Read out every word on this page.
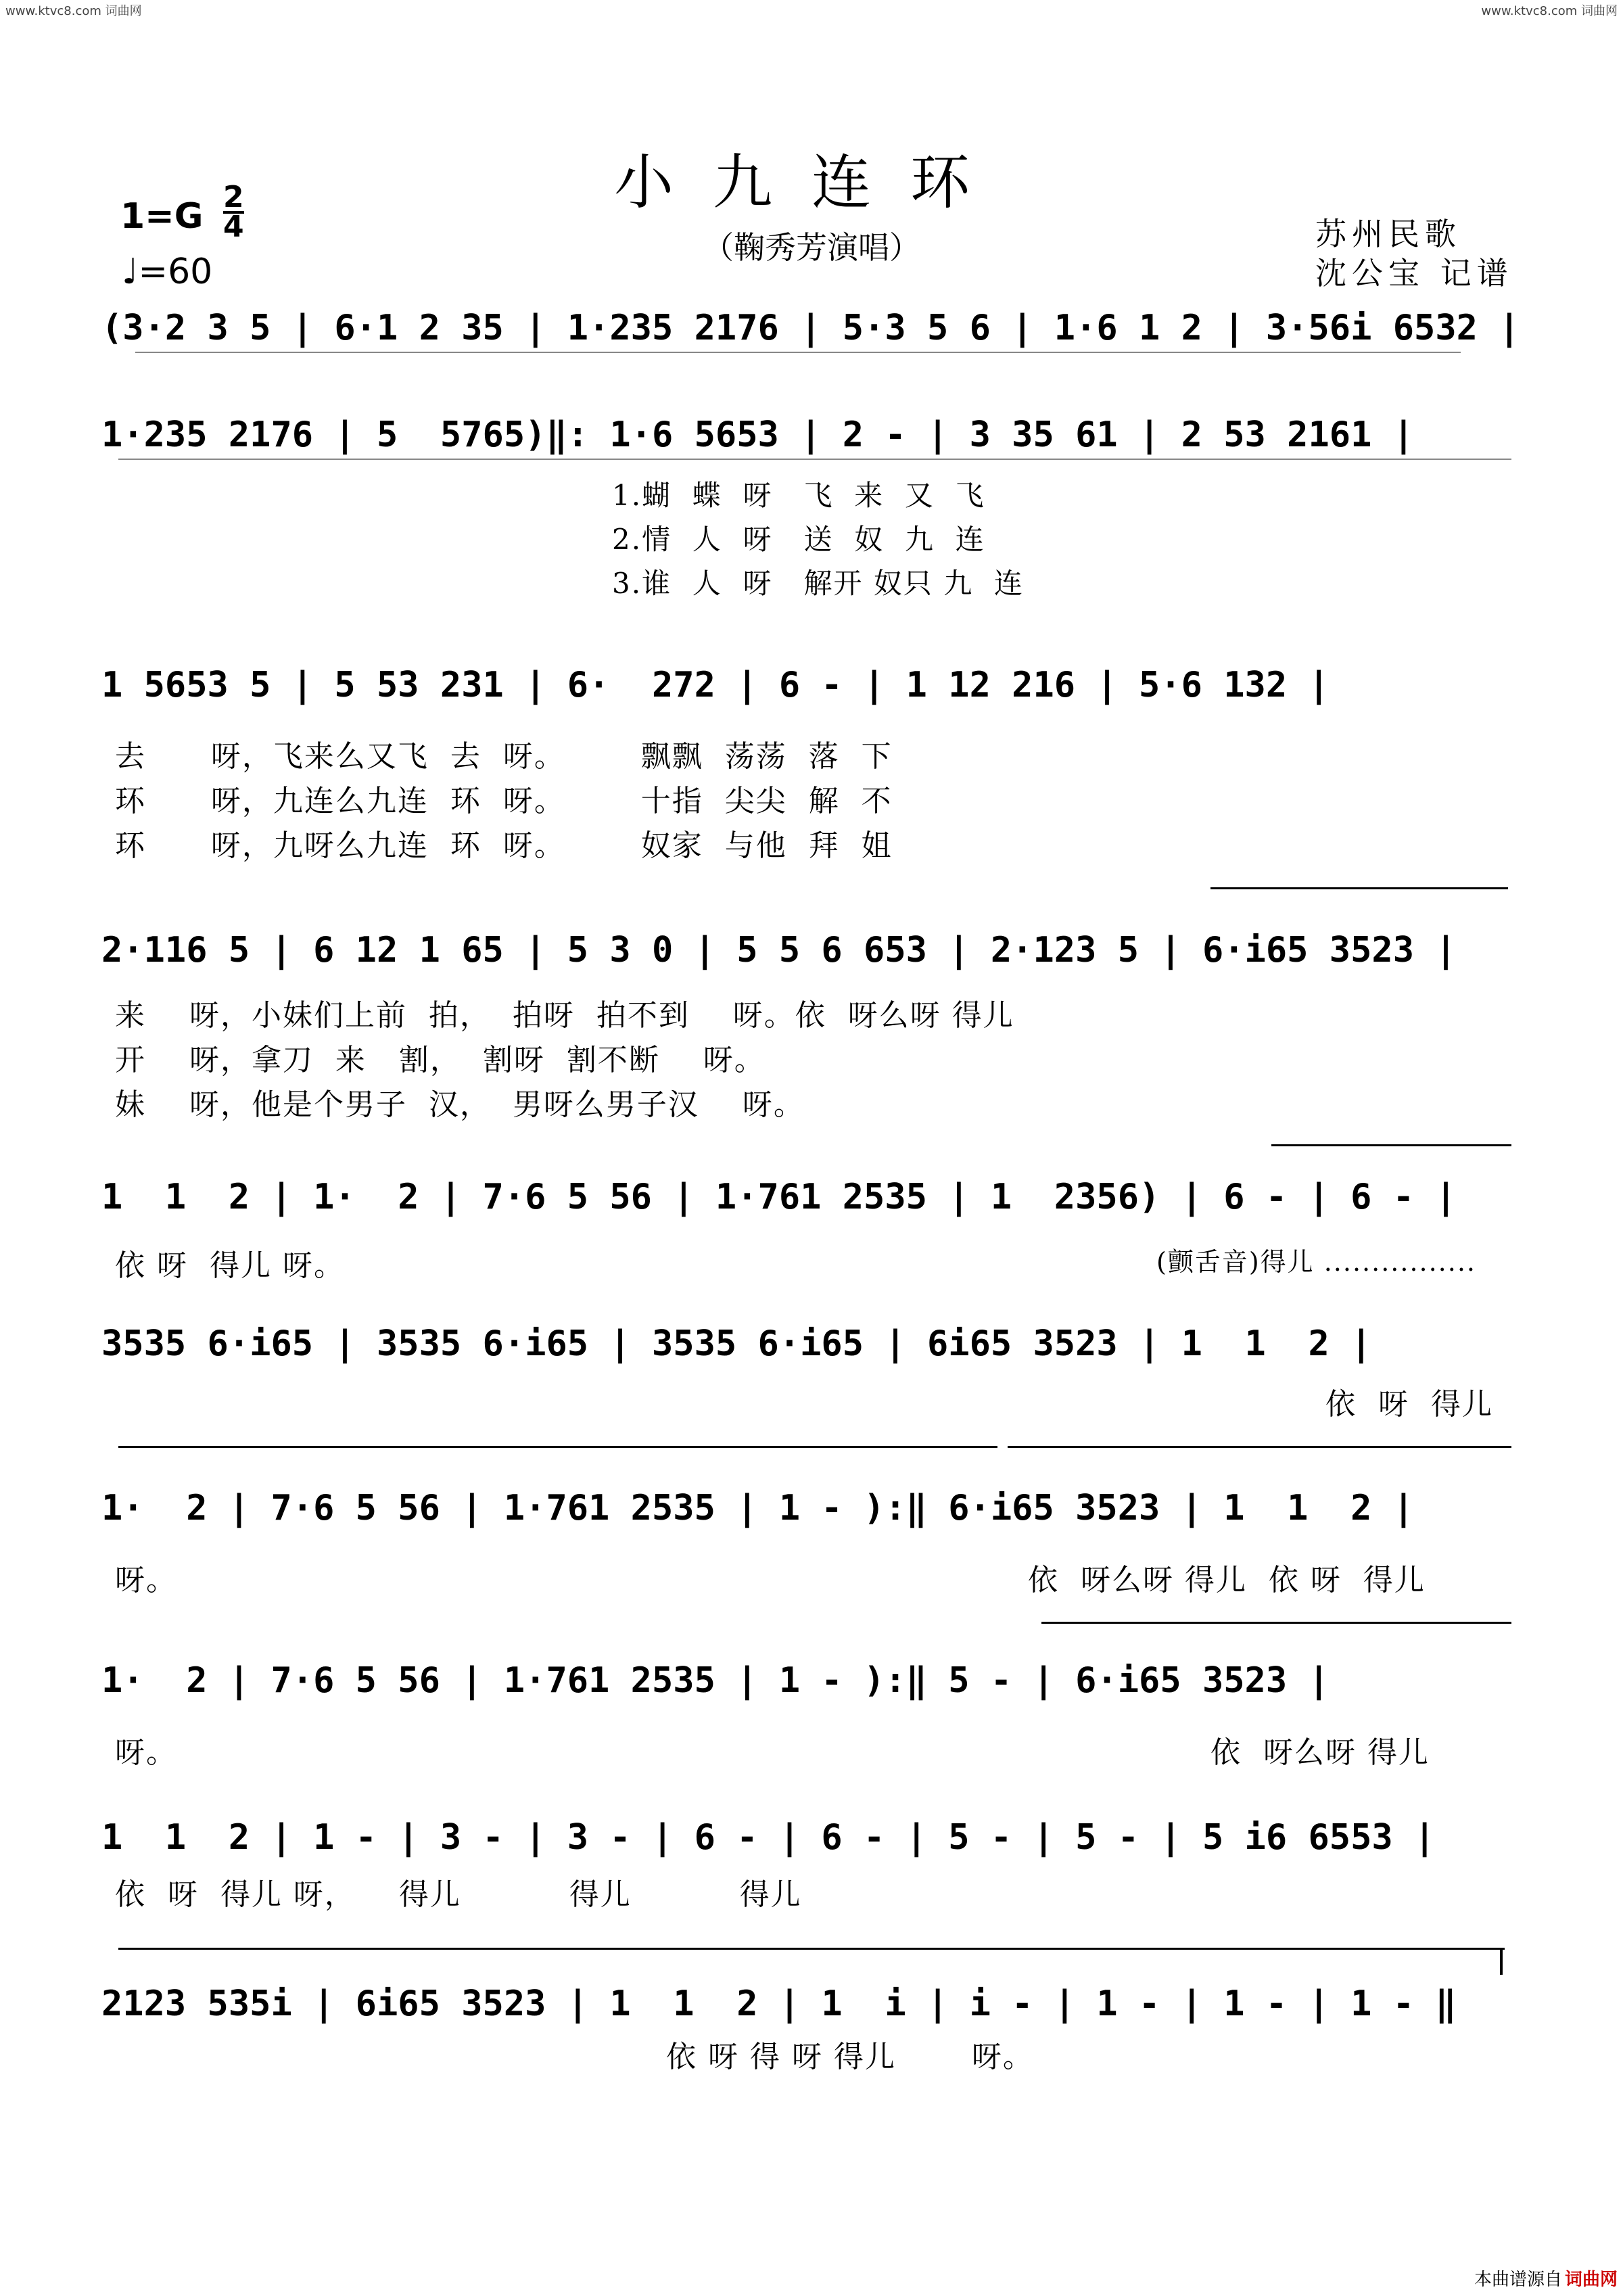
www.ktvc8.com 词曲网	www.ktvc8.com 词曲网
小九连环
（鞠秀芳演唱）
1=G 2
4
♩=60
苏州民歌
沈公宝 记谱
(3·2 3 5 | 6·1 2 35 | 1·235 2176 | 5·3 5 6 | 1·6 1 2 | 3·56i 6532 |
1·235 2176 | 5  5765)‖: 1·6 5653 | 2 - | 3 35 61 | 2 53 2161 |
1 5653 5 | 5 53 231 | 6·  272 | 6 - | 1 12 216 | 5·6 132 |
2·116 5 | 6 12 1 65 | 5 3 0 | 5 5 6 653 | 2·123 5 | 6·i65 3523 |
1  1  2 | 1·  2 | 7·6 5 56 | 1·761 2535 | 1  2356) | 6 - | 6 - |
3535 6·i65 | 3535 6·i65 | 3535 6·i65 | 6i65 3523 | 1  1  2 |
1·  2 | 7·6 5 56 | 1·761 2535 | 1 - ):‖ 6·i65 3523 | 1  1  2 |
1·  2 | 7·6 5 56 | 1·761 2535 | 1 - ):‖ 5 - | 6·i65 3523 |
1  1  2 | 1 - | 3 - | 3 - | 6 - | 6 - | 5 - | 5 - | 5 i6 6553 |
2123 535i | 6i65 3523 | 1  1  2 | 1  i | i - | 1 - | 1 - | 1 - ‖
1.蝴  蝶  呀   飞  来  又  飞
2.情  人  呀   送  奴  九  连
3.谁  人  呀   解开 奴只 九  连
去      呀，飞来么又飞  去  呀。       飘飘  荡荡  落  下
环      呀，九连么九连  环  呀。       十指  尖尖  解  不
环      呀，九呀么九连  环  呀。       奴家  与他  拜  姐
来    呀，小妹们上前  拍，  拍呀  拍不到    呀。依  呀么呀 得儿
开    呀，拿刀  来   割，  割呀  割不断    呀。
妹    呀，他是个男子  汉，  男呀么男子汉    呀。
依 呀  得儿 呀。	(颤舌音)得儿 ................
依  呀  得儿
呀。	依  呀么呀 得儿  依 呀  得儿
呀。	依  呀么呀 得儿
依  呀  得儿 呀，    得儿          得儿          得儿
依 呀 得 呀 得儿       呀。
本曲谱源自 词曲网
